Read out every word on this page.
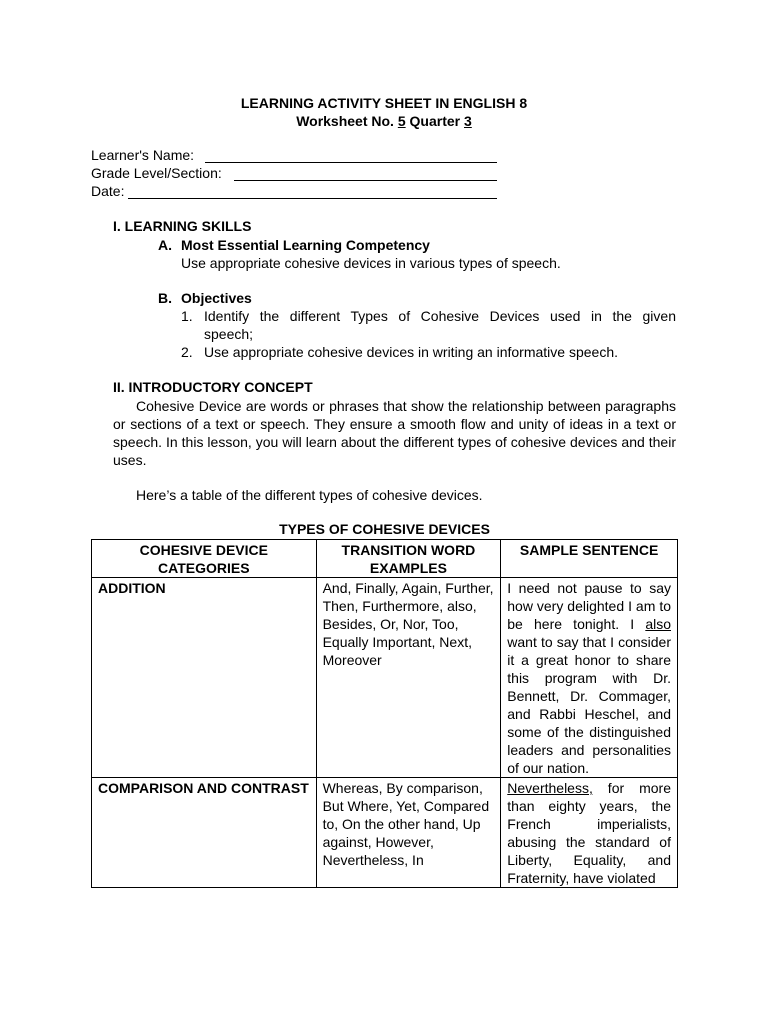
LEARNING ACTIVITY SHEET IN ENGLISH 8
Worksheet No. 5 Quarter 3
Learner's Name:
Grade Level/Section:
Date:
I. LEARNING SKILLS
A. Most Essential Learning Competency
Use appropriate cohesive devices in various types of speech.
B. Objectives
1. Identify the different Types of Cohesive Devices used in the given
speech;
2. Use appropriate cohesive devices in writing an informative speech.
II. INTRODUCTORY CONCEPT
Cohesive Device are words or phrases that show the relationship between paragraphs or sections of a text or speech. They ensure a smooth flow and unity of ideas in a text or speech. In this lesson, you will learn about the different types of cohesive devices and their uses.
Here’s a table of the different types of cohesive devices.
TYPES OF COHESIVE DEVICES
COHESIVE DEVICE CATEGORIES	TRANSITION WORD EXAMPLES	SAMPLE SENTENCE
ADDITION	And, Finally, Again, Further, Then, Furthermore, also, Besides, Or, Nor, Too, Equally Important, Next, Moreover	I need not pause to say how very delighted I am to be here tonight. I also want to say that I consider it a great honor to share this program with Dr. Bennett, Dr. Commager, and Rabbi Heschel, and some of the distinguished leaders and personalities of our nation.
COMPARISON AND CONTRAST	Whereas, By comparison, But Where, Yet, Compared to, On the other hand, Up against, However, Nevertheless, In	Nevertheless, for more than eighty years, the French imperialists, abusing the standard of Liberty, Equality, and Fraternity, have violated
